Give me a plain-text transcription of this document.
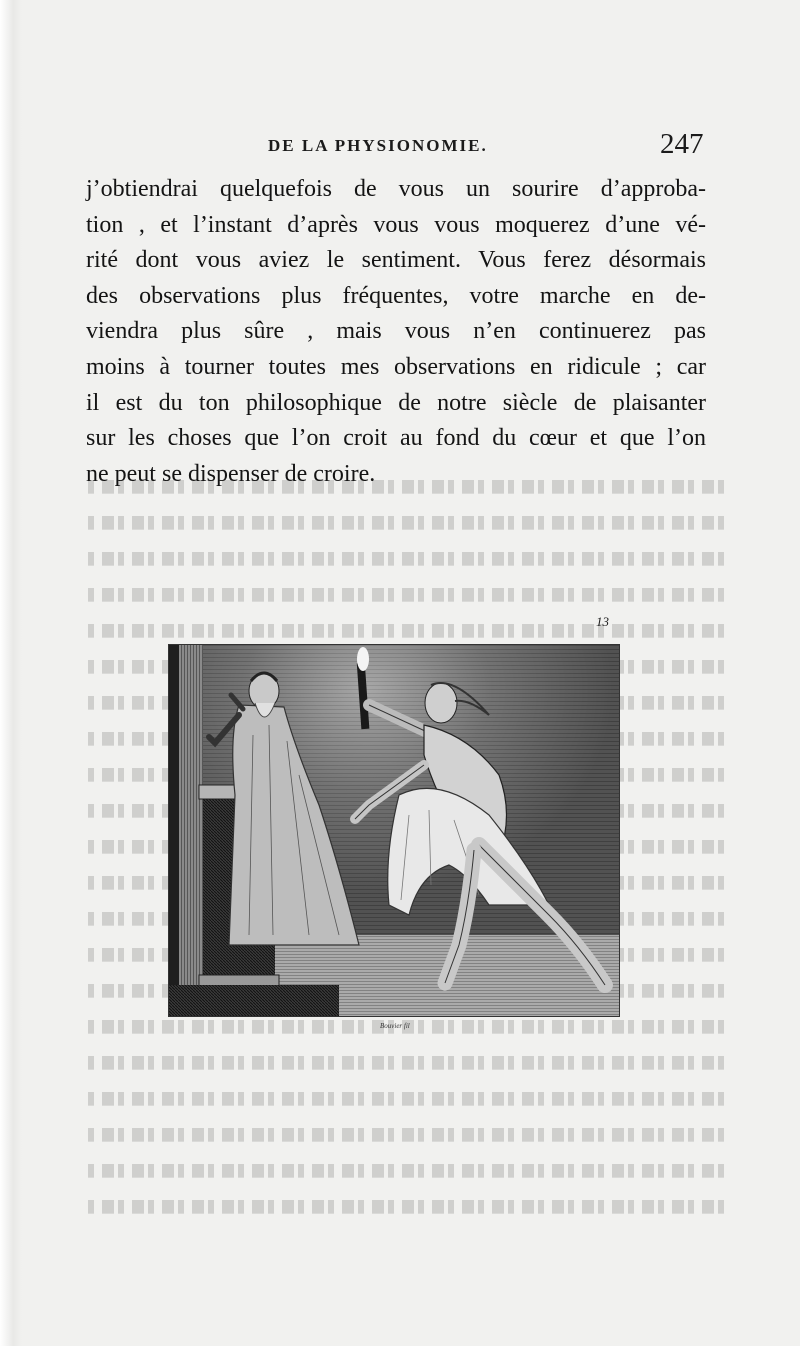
DE LA PHYSIONOMIE.	247

j’obtiendrai quelquefois de vous un sourire d’approba-
tion , et l’instant d’après vous vous moquerez d’une vé-
rité dont vous aviez le sentiment. Vous ferez désormais
des observations plus fréquentes, votre marche en de-
viendra plus sûre , mais vous n’en continuerez pas
moins à tourner toutes mes observations en ridicule ; car
il est du ton philosophique de notre siècle de plaisanter
sur les choses que l’on croit au fond du cœur et que l’on
ne peut se dispenser de croire.

13
Bouvier fil
